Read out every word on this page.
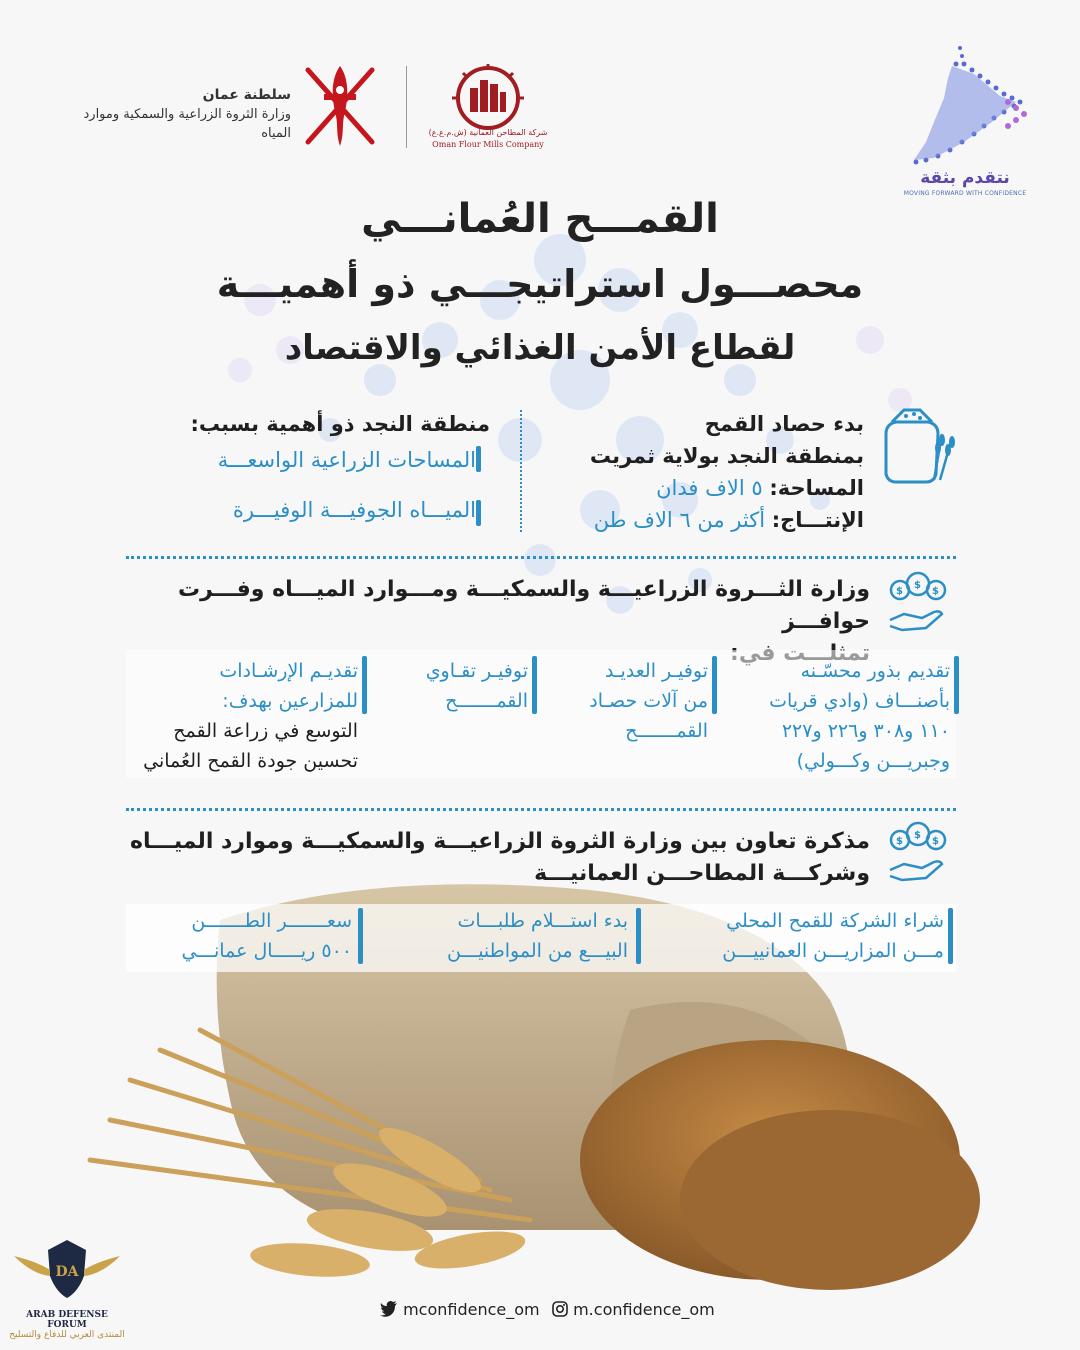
سلطنة عمان
وزارة الثروة الزراعية والسمكية وموارد المياه	شركة المطاحن العمانية (ش.م.ع.ع)
Oman Flour Mills Company
نتقدم بثقة
MOVING FORWARD WITH CONFIDENCE
القمـــح العُمانـــي
محصـــول استراتيجـــي ذو أهميـــة
لقطاع الأمن الغذائي والاقتصاد
بدء حصاد القمح
بمنطقة النجد بولاية ثمريت
المساحة: ٥ الاف فدان
الإنتـــاج: أكثر من ٦ الاف طن
منطقة النجد ذو أهمية بسبب:
المساحات الزراعية الواسعـــة
الميـــاه الجوفيـــة الوفيـــرة
$
$
$
وزارة الثـــروة الزراعيـــة والسمكيـــة ومـــوارد الميـــاه وفـــرت حوافـــز
تقديم بذور محسّـنه
بأصنـــاف (وادي قريات
١١٠ و٣٠٨ و٢٢٦ و٢٢٧
وجبريـــن وكـــولي)
توفيـر العديـد
من آلات حصـاد
القمـــــــح
توفيـر تقـاوي
القمـــــــح
تقديـم الإرشـادات
للمزارعين بهدف:
التوسع في زراعة القمح
تحسين جودة القمح العُماني
$
$
$
مذكرة تعاون بين وزارة الثروة الزراعيـــة والسمكيـــة وموارد الميـــاه
وشركـــة المطاحـــن العمانيـــة
شراء الشركة للقمح المحلي
مـــن المزاريـــن العمانييـــن
بدء استـــلام طلبـــات
البيـــع من المواطنيـــن
سعـــــــر الطـــــــن
٥٠٠ ريـــــال عمانـــي
mconfidence_om	m.confidence_om
DA
ARAB DEFENSE FORUM
المنتدى العربي للدفاع والتسليح
